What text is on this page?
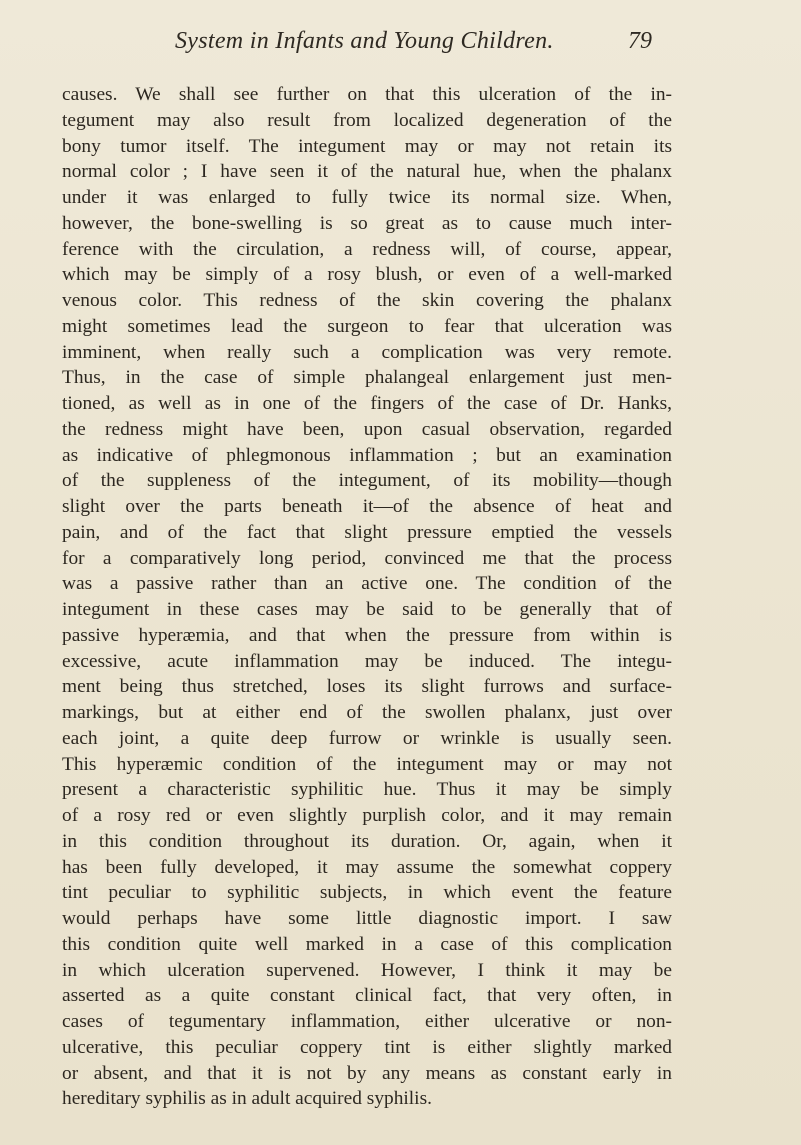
System in Infants and Young Children.	79
causes. We shall see further on that this ulceration of the in-
tegument may also result from localized degeneration of the
bony tumor itself. The integument may or may not retain its
normal color ; I have seen it of the natural hue, when the phalanx
under it was enlarged to fully twice its normal size. When,
however, the bone-swelling is so great as to cause much inter-
ference with the circulation, a redness will, of course, appear,
which may be simply of a rosy blush, or even of a well-marked
venous color. This redness of the skin covering the phalanx
might sometimes lead the surgeon to fear that ulceration was
imminent, when really such a complication was very remote.
Thus, in the case of simple phalangeal enlargement just men-
tioned, as well as in one of the fingers of the case of Dr. Hanks,
the redness might have been, upon casual observation, regarded
as indicative of phlegmonous inflammation ; but an examination
of the suppleness of the integument, of its mobility—though
slight over the parts beneath it—of the absence of heat and
pain, and of the fact that slight pressure emptied the vessels
for a comparatively long period, convinced me that the process
was a passive rather than an active one. The condition of the
integument in these cases may be said to be generally that of
passive hyperæmia, and that when the pressure from within is
excessive, acute inflammation may be induced. The integu-
ment being thus stretched, loses its slight furrows and surface-
markings, but at either end of the swollen phalanx, just over
each joint, a quite deep furrow or wrinkle is usually seen.
This hyperæmic condition of the integument may or may not
present a characteristic syphilitic hue. Thus it may be simply
of a rosy red or even slightly purplish color, and it may remain
in this condition throughout its duration. Or, again, when it
has been fully developed, it may assume the somewhat coppery
tint peculiar to syphilitic subjects, in which event the feature
would perhaps have some little diagnostic import. I saw
this condition quite well marked in a case of this complication
in which ulceration supervened. However, I think it may be
asserted as a quite constant clinical fact, that very often, in
cases of tegumentary inflammation, either ulcerative or non-
ulcerative, this peculiar coppery tint is either slightly marked
or absent, and that it is not by any means as constant early in
hereditary syphilis as in adult acquired syphilis.
